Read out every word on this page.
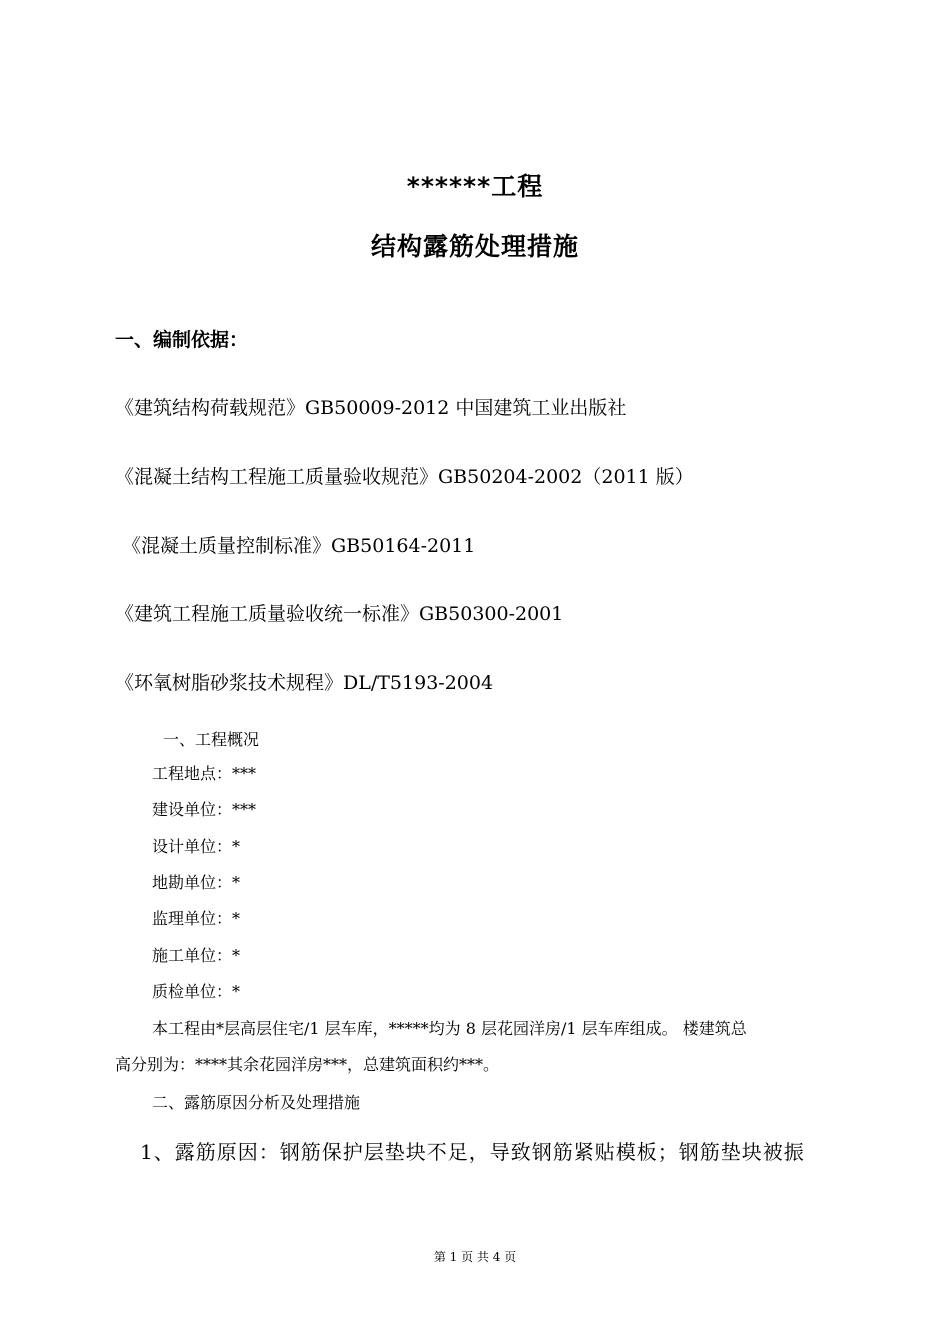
******工程
结构露筋处理措施
一、编制依据：
《建筑结构荷载规范》GB50009-2012 中国建筑工业出版社
《混凝土结构工程施工质量验收规范》GB50204-2002（2011 版）
《混凝土质量控制标准》GB50164-2011
《建筑工程施工质量验收统一标准》GB50300-2001
《环氧树脂砂浆技术规程》DL/T5193-2004
一、工程概况
工程地点：***
建设单位：***
设计单位：*
地勘单位：*
监理单位：*
施工单位：*
质检单位：*
本工程由*层高层住宅/1 层车库，*****均为 8 层花园洋房/1 层车库组成。 楼建筑总
高分别为：****其余花园洋房***，总建筑面积约***。
二、露筋原因分析及处理措施
1、露筋原因：钢筋保护层垫块不足，导致钢筋紧贴模板；钢筋垫块被振
第 1 页 共 4 页
